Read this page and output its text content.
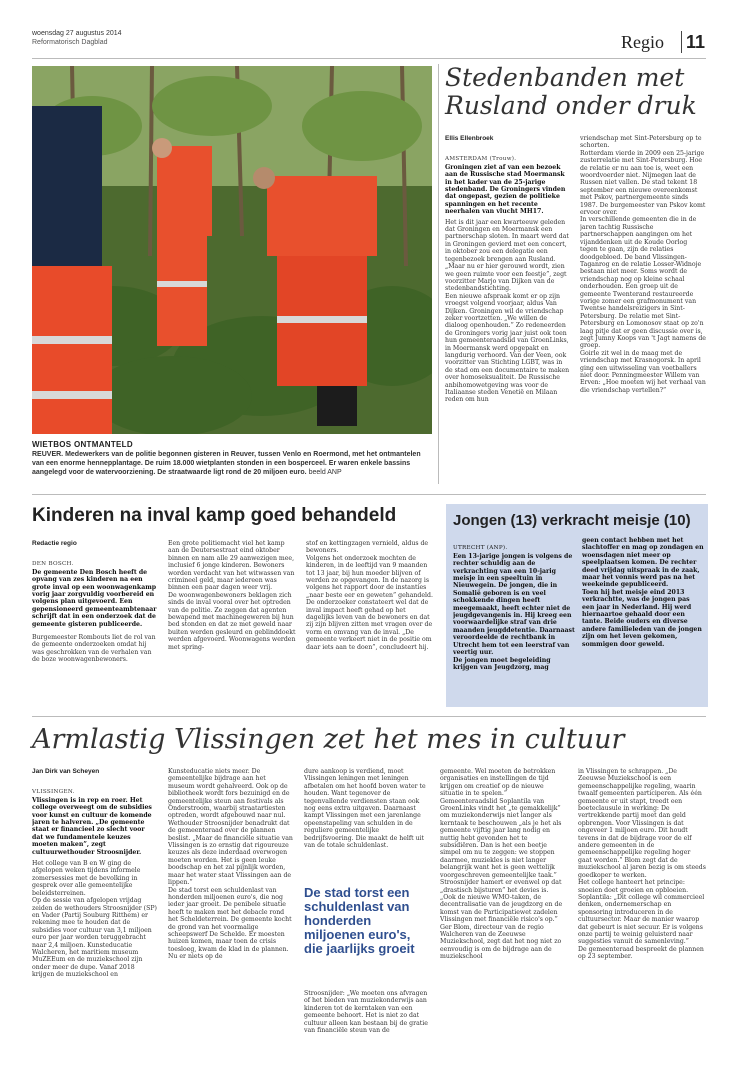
woensdag 27 augustus 2014
Reformatorisch Dagblad	Regio 11
WIETBOS ONTMANTELD
REUVER. Medewerkers van de politie begonnen gisteren in Reuver, tussen Venlo en Roermond, met het ontmantelen van een enorme hennepplantage. De ruim 18.000 wietplanten stonden in een bosperceel. Er waren enkele bassins aangelegd voor de watervoorziening. De straatwaarde ligt rond de 20 miljoen euro. beeld ANP
Stedenbanden met
Rusland onder druk
Ellis Ellenbroek

AMSTERDAM (Trouw).
Groningen ziet af van een bezoek aan de Russische stad Moermansk in het kader van de 25-jarige stedenband. De Groningers vinden dat ongepast, gezien de politieke spanningen en het recente neerhalen van vlucht MH17.

Het is dit jaar een kwarteeuw geleden dat Groningen en Moermansk een partnerschap sloten. In maart werd dat in Groningen gevierd met een concert, in oktober zou een delegatie een tegenbezoek brengen aan Rusland. „Maar nu er hier gerouwd wordt, zien we geen ruimte voor een feestje”, zegt voorzitter Marjo van Dijken van de stedenbandstichting.
Een nieuwe afspraak komt er op zijn vroegst volgend voorjaar, aldus Van Dijken. Groningen wil de vriendschap zeker voortzetten. „We willen de dialoog openhouden.” Zo redeneerden de Groningers vorig jaar juist ook toen hun gemeenteraadslid van GroenLinks, in Moermansk werd opgepakt en langdurig verhoord. Van der Veen, ook voorzitter van Stichting LGBT, was in de stad om een documentaire te maken over homoseksualiteit. De Russische anbihomowetgeving was voor de Italiaanse steden Venetië en Milaan reden om hun

vriendschap met Sint-Petersburg op te schorten.
Rotterdam vierde in 2009 een 25-jarige zusterrelatie met Sint-Petersburg. Hoe de relatie er nu aan toe is, weet een woordvoerder niet. Nijmegen laat de Russen niet vallen. De stad tekent 18 september een nieuwe overeenkomst met Pskov, partnergemeente sinds 1987. De burgemeester van Pskov komt ervoor over.
In verschillende gemeenten die in de jaren tachtig Russische partnerschappen aangingen om het vijanddenken uit de Koude Oorlog tegen te gaan, zijn de relaties doodgebloed. De band Vlissingen-Taganrog en de relatie Losser-Widnoje bestaan niet meer. Soms wordt de vriendschap nog op kleine schaal onderhouden. Een groep uit de gemeente Twenterand restaureerde vorige zomer een grafmonument van Twentse handelsreizigers in Sint-Petersburg. De relatie met Sint-Petersburg en Lomonosov staat op zo'n laag pitje dat er geen discussie over is, zegt Jumny Koops van 't Jagt namens de groep.
Goirle zit wel in de maag met de vriendschap met Krasnogorsk. In april ging een uitwisseling van voetballers niet door. Penningmeester Willem van Erven: „Hoe moeten wij het verhaal van die vriendschap vertellen?”
Kinderen na inval kamp goed behandeld
Redactie regio

DEN BOSCH.
De gemeente Den Bosch heeft de opvang van zes kinderen na een grote inval op een woonwagenkamp vorig jaar zorgvuldig voorbereid en volgens plan uitgevoerd. Een gepensioneerd gemeenteambtenaar schrijft dat in een onderzoek dat de gemeente gisteren publiceerde.

Burgemeester Rombouts liet de rol van de gemeente onderzoeken omdat hij was geschrokken van de verhalen van de boze woonwagenbewoners.

Een grote politiemacht viel het kamp aan de Deutersestraat eind oktober binnen en nam alle 29 aanwezigen mee, inclusief 6 jonge kinderen. Bewoners worden verdacht van het witwassen van crimineel geld, maar iedereen was binnen een paar dagen weer vrij.
De woonwagenbewoners beklagen zich sinds de inval vooral over het optreden van de politie. Ze zeggen dat agenten bewapend met machinegeweren bij hun bed stonden en dat ze met geweld naar buiten werden gesleurd en geblinddoekt werden afgevoerd. Woonwagens werden met spring-
stof en kettingzagen vernield, aldus de bewoners.
Volgens het onderzoek mochten de kinderen, in de leeftijd van 9 maanden tot 13 jaar, bij hun moeder blijven of werden ze opgevangen. In de nazorg is volgens het rapport door de instanties „naar beste eer en geweten” gehandeld.
De onderzoeker constateert wel dat de inval impact heeft gehad op het dagelijks leven van de bewoners en dat zij zijn blijven zitten met vragen over de vorm en omvang van de inval. „De gemeente verkeert niet in de positie om daar iets aan te doen”, concludeert hij.
Jongen (13) verkracht meisje (10)

UTRECHT (ANP).
Een 13-jarige jongen is volgens de rechter schuldig aan de verkrachting van een 10-jarig meisje in een speeltuin in Nieuwegein. De jongen, die in Somalië geboren is en veel schokkende dingen heeft meegemaakt, heeft echter niet de jeugdgevangenis in. Hij kreeg een voorwaardelijke straf van drie maanden jeugddetentie. Daarnaast veroordeelde de rechtbank in Utrecht hem tot een leerstraf van veertig uur.
De jongen moet begeleiding krijgen van Jeugdzorg, mag

geen contact hebben met het slachtoffer en mag op zondagen en woensdagen niet meer op speelplaatsen komen. De rechter deed vrijdag uitspraak in de zaak, maar het vonnis werd pas na het weekeinde gepubliceerd.
Toen hij het meisje eind 2013 verkrachtte, was de jongen pas een jaar in Nederland. Hij werd hiernaartoe gehaald door een tante. Beide ouders en diverse andere familieleden van de jongen zijn om het leven gekomen, sommigen door geweld.
Armlastig Vlissingen zet het mes in cultuur
Jan Dirk van Scheyen

VLISSINGEN.
Vlissingen is in rep en roer. Het college overweegt om de subsidies voor kunst en cultuur de komende jaren te halveren. „De gemeente staat er financieel zo slecht voor dat we fundamentele keuzes moeten maken”, zegt cultuurwethouder Stroosnijder.

Het college van B en W ging de afgelopen weken tijdens informele zomersessies met de bevolking in gesprek over alle gemeentelijke beleidsterreinen.
Op de sessie van afgelopen vrijdag zeiden de wethouders Stroosnijder (SP) en Vader (Partij Souburg Ritthem) er rekening mee te houden dat de subsidies voor cultuur van 3,1 miljoen euro per jaar worden teruggebracht naar 2,4 miljoen. Kunsteducatie Walcheren, het maritiem museum MuZEEum en de muziekschool zijn onder meer de dupe. Vanaf 2018 krijgen de muziekschool en

Kunsteducatie niets meer. De gemeentelijke bijdrage aan het museum wordt gehalveerd. Ook op de bibliotheek wordt fors bezuinigd en de gemeentelijke steun aan festivals als Onderstroom, waarbij straatartiesten optreden, wordt afgebouwd naar nul.
Wethouder Stroosnijder benadrukt dat de gemeenteraad over de plannen beslist. „Maar de financiële situatie van Vlissingen is zo ernstig dat rigoureuze keuzes als deze inderdaad overwogen moeten worden. Het is geen leuke boodschap en het zal pijnlijk worden, maar het water staat Vlissingen aan de lippen.”
De stad torst een schuldenlast van honderden miljoenen euro's, die nog ieder jaar groeit. De penibele situatie heeft te maken met het debacle rond het Scheldeterrein. De gemeente kocht de grond van het voormalige scheepswerf De Schelde. Er moesten huizen komen, maar toen de crisis toesloeg, kwam de klad in de plannen. Nu er niets op de
dure aankoop is verdiend, moet Vlissingen leningen met leningen afbetalen om het hoofd boven water te houden. Want tegenover de tegenvallende verdiensten staan ook nog eens extra uitgaven. Daarnaast kampt Vlissingen met een jarenlange opeenstapeling van schulden in de reguliere gemeentelijke bedrijfsvoering. Die maakt de helft uit van de totale schuldenlast.
De stad torst een schuldenlast van honderden miljoenen euro's, die jaarlijks groeit
Stroosnijder: „We moeten ons afvragen of het bieden van muziekonderwijs aan kinderen tot de kerntaken van een gemeente behoort. Het is niet zo dat cultuur alleen kan bestaan bij de gratie van financiële steun van de
gemeente. Wel moeten de betrokken organisaties en instellingen de tijd krijgen om creatief op de nieuwe situatie in te spelen.”
Gemeenteraadslid Soplantila van GroenLinks vindt het „te gemakkelijk” om muziekonderwijs niet langer als kerntaak te beschouwen „als je het als gemeente vijftig jaar lang nodig en nuttig hebt gevonden het te subsidiëren. Dan is het een beetje simpel om nu te zeggen: we stoppen daarmee, muziekles is niet langer belangrijk want het is geen wettelijk voorgeschreven gemeentelijke taak.”
Stroosnijder hamert er evenwel op dat „drastisch bijsturen” het devies is. „Ook de nieuwe WMO-taken, de decentralisatie van de jeugdzorg en de komst van de Participatiewet zadelen Vlissingen met financiële risico's op.”
Ger Blom, directeur van de regio Walcheren van de Zeeuwse Muziekschool, zegt dat het nog niet zo eenvoudig is om de bijdrage aan de muziekschool
in Vlissingen te schrappen. „De Zeeuwse Muziekschool is een gemeenschappelijke regeling, waarin twaalf gemeenten participeren. Als één gemeente er uit stapt, treedt een boeteclausule in werking: De vertrekkende partij moet dan geld opbrengen. Voor Vlissingen is dat ongeveer 1 miljoen euro. Dit houdt tevens in dat de bijdrage voor de elf andere gemeenten in de gemeenschappelijke regeling hoger gaat worden.” Blom zegt dat de muziekschool al jaren bezig is om steeds goedkoper te werken.
Het college hanteert het principe: snoeien doet groeien en opbloeien. Soplantila: „Dit college wil commercieel denken, ondernemerschap en sponsoring introduceren in de cultuursector. Maar de manier waarop dat gebeurt is niet secuur. Er is volgens onze partij te weinig geluisterd naar suggesties vanuit de samenleving.”
De gemeenteraad bespreekt de plannen op 23 september.
